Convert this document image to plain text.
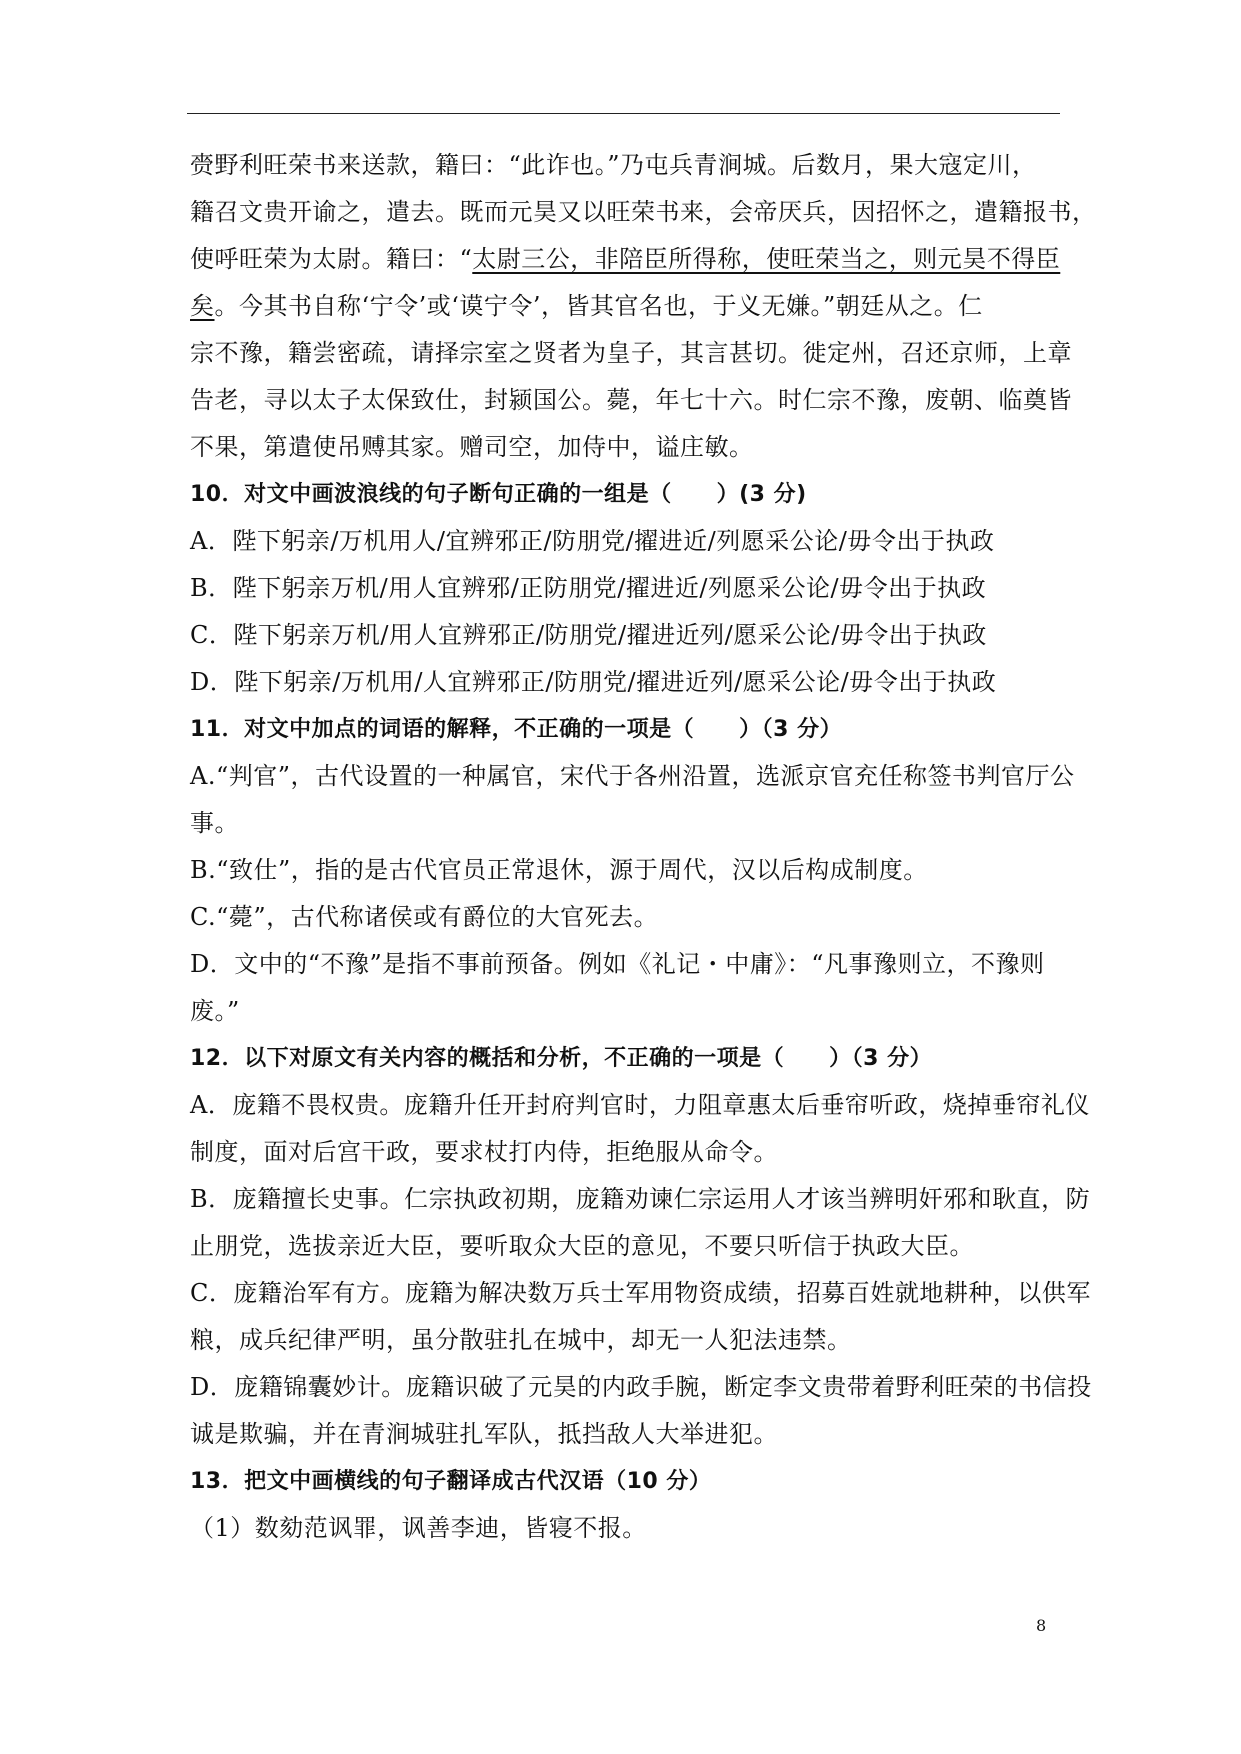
赍野利旺荣书来送款，籍曰：“此诈也。”乃屯兵青涧城。后数月，果大寇定川，
籍召文贵开谕之，遣去。既而元昊又以旺荣书来，会帝厌兵，因招怀之，遣籍报书，
使呼旺荣为太尉。籍曰：“太尉三公，非陪臣所得称，使旺荣当之，则元昊不得臣
矣。今其书自称‘宁令’或‘谟宁令’，皆其官名也，于义无嫌。”朝廷从之。仁
宗不豫，籍尝密疏，请择宗室之贤者为皇子，其言甚切。徙定州，召还京师，上章
告老，寻以太子太保致仕，封颍国公。薨，年七十六。时仁宗不豫，废朝、临奠皆
不果，第遣使吊赙其家。赠司空，加侍中，谥庄敏。
10．对文中画波浪线的句子断句正确的一组是（　　）(3 分)
A．陛下躬亲/万机用人/宜辨邪正/防朋党/擢进近/列愿采公论/毋令出于执政
B．陛下躬亲万机/用人宜辨邪/正防朋党/擢进近/列愿采公论/毋令出于执政
C．陛下躬亲万机/用人宜辨邪正/防朋党/擢进近列/愿采公论/毋令出于执政
D．陛下躬亲/万机用/人宜辨邪正/防朋党/擢进近列/愿采公论/毋令出于执政
11．对文中加点的词语的解释，不正确的一项是（　　）（3 分）
A.“判官”，古代设置的一种属官，宋代于各州沿置，选派京官充任称签书判官厅公
事。
B.“致仕”，指的是古代官员正常退休，源于周代，汉以后构成制度。
C.“薨”，古代称诸侯或有爵位的大官死去。
D．文中的“不豫”是指不事前预备。例如《礼记・中庸》：“凡事豫则立，不豫则
废。”
12．以下对原文有关内容的概括和分析，不正确的一项是（　　）（3 分）
A．庞籍不畏权贵。庞籍升任开封府判官时，力阻章惠太后垂帘听政，烧掉垂帘礼仪
制度，面对后宫干政，要求杖打内侍，拒绝服从命令。
B．庞籍擅长史事。仁宗执政初期，庞籍劝谏仁宗运用人才该当辨明奸邪和耿直，防
止朋党，选拔亲近大臣，要听取众大臣的意见，不要只听信于执政大臣。
C．庞籍治军有方。庞籍为解决数万兵士军用物资成绩，招募百姓就地耕种，以供军
粮，成兵纪律严明，虽分散驻扎在城中，却无一人犯法违禁。
D．庞籍锦囊妙计。庞籍识破了元昊的内政手腕，断定李文贵带着野利旺荣的书信投
诚是欺骗，并在青涧城驻扎军队，抵挡敌人大举进犯。
13．把文中画横线的句子翻译成古代汉语（10 分）
（1）数劾范讽罪，讽善李迪，皆寝不报。
8
